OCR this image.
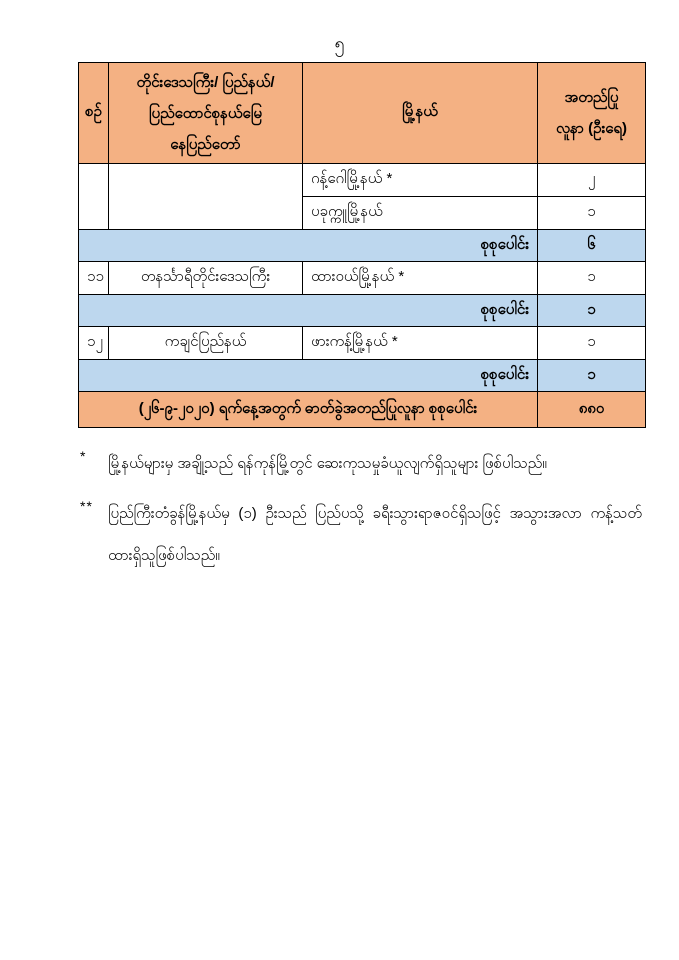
၅
စဉ်	တိုင်းဒေသကြီး/ ပြည်နယ်/
ပြည်ထောင်စုနယ်မြေ
နေပြည်တော်	မြို့နယ်	အတည်ပြု
လူနာ (ဦးရေ)

		ဂန့်ဂေါမြို့နယ် *	၂
		ပခုက္ကူမြို့နယ်	၁
စုစုပေါင်း			၆
၁၁	တနင်္သာရီတိုင်းဒေသကြီး	ထားဝယ်မြို့နယ် *	၁
စုစုပေါင်း			၁
၁၂	ကချင်ပြည်နယ်	ဖားကန့်မြို့နယ် *	၁
စုစုပေါင်း			၁
(၂၆-၉-၂၀၂၀) ရက်နေ့အတွက် ဓာတ်ခွဲအတည်ပြုလူနာ စုစုပေါင်း			၈၈၀
*	မြို့နယ်များမှ အချို့သည် ရန်ကုန်မြို့တွင် ဆေးကုသမှုခံယူလျက်ရှိသူများ ဖြစ်ပါသည်။
**	ပြည်ကြီးတံခွန်မြို့နယ်မှ (၁) ဦးသည် ပြည်ပသို့ ခရီးသွားရာဇဝင်ရှိသဖြင့် အသွားအလာ ကန့်သတ် ထားရှိသူဖြစ်ပါသည်။
